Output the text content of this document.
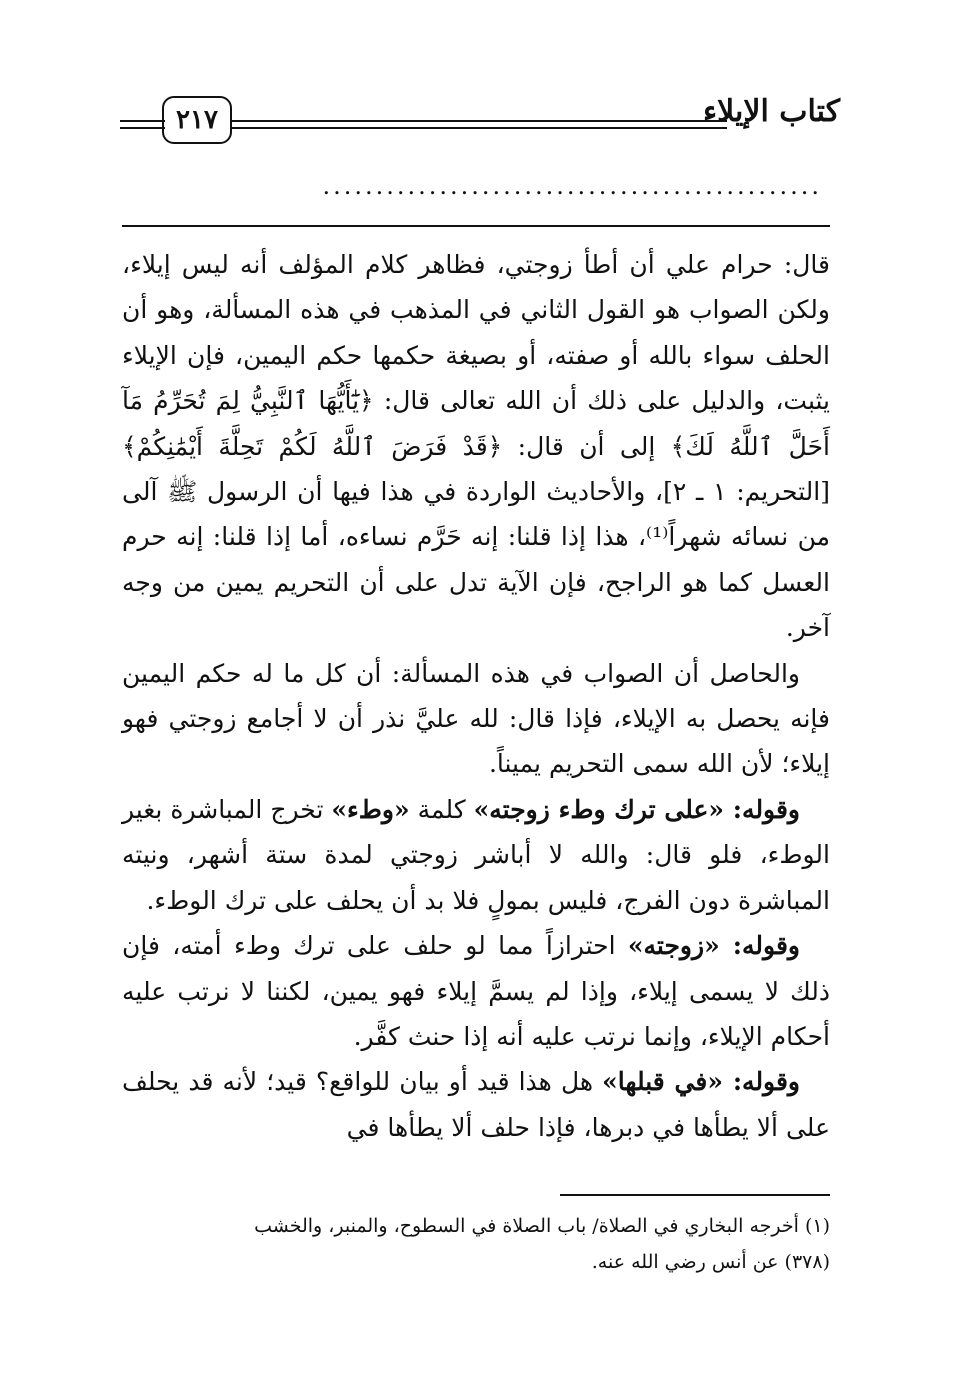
كتاب الإيلاء
٢١٧
...............................................

قال: حرام علي أن أطأ زوجتي، فظاهر كلام المؤلف أنه ليس إيلاء، ولكن الصواب هو القول الثاني في المذهب في هذه المسألة، وهو أن الحلف سواء بالله أو صفته، أو بصيغة حكمها حكم اليمين، فإن الإيلاء يثبت، والدليل على ذلك أن الله تعالى قال: ﴿يَٰٓأَيُّهَا ٱلنَّبِيُّ لِمَ تُحَرِّمُ مَآ أَحَلَّ ٱللَّهُ لَكَ﴾ إلى أن قال: ﴿قَدْ فَرَضَ ٱللَّهُ لَكُمْ تَحِلَّةَ أَيْمَٰنِكُمْ﴾ [التحريم: ١ ـ ٢]، والأحاديث الواردة في هذا فيها أن الرسول ﷺ آلى من نسائه شهراً⁽¹⁾، هذا إذا قلنا: إنه حَرَّم نساءه، أما إذا قلنا: إنه حرم العسل كما هو الراجح، فإن الآية تدل على أن التحريم يمين من وجه آخر.

والحاصل أن الصواب في هذه المسألة: أن كل ما له حكم اليمين فإنه يحصل به الإيلاء، فإذا قال: لله عليَّ نذر أن لا أجامع زوجتي فهو إيلاء؛ لأن الله سمى التحريم يميناً.

وقوله: «على ترك وطء زوجته» كلمة «وطء» تخرج المباشرة بغير الوطء، فلو قال: والله لا أباشر زوجتي لمدة ستة أشهر، ونيته المباشرة دون الفرج، فليس بمولٍ فلا بد أن يحلف على ترك الوطء.

وقوله: «زوجته» احترازاً مما لو حلف على ترك وطء أمته، فإن ذلك لا يسمى إيلاء، وإذا لم يسمَّ إيلاء فهو يمين، لكننا لا نرتب عليه أحكام الإيلاء، وإنما نرتب عليه أنه إذا حنث كفَّر.

وقوله: «في قبلها» هل هذا قيد أو بيان للواقع؟ قيد؛ لأنه قد يحلف على ألا يطأها في دبرها، فإذا حلف ألا يطأها في

(١) أخرجه البخاري في الصلاة/ باب الصلاة في السطوح، والمنبر، والخشب

(٣٧٨) عن أنس رضي الله عنه.
